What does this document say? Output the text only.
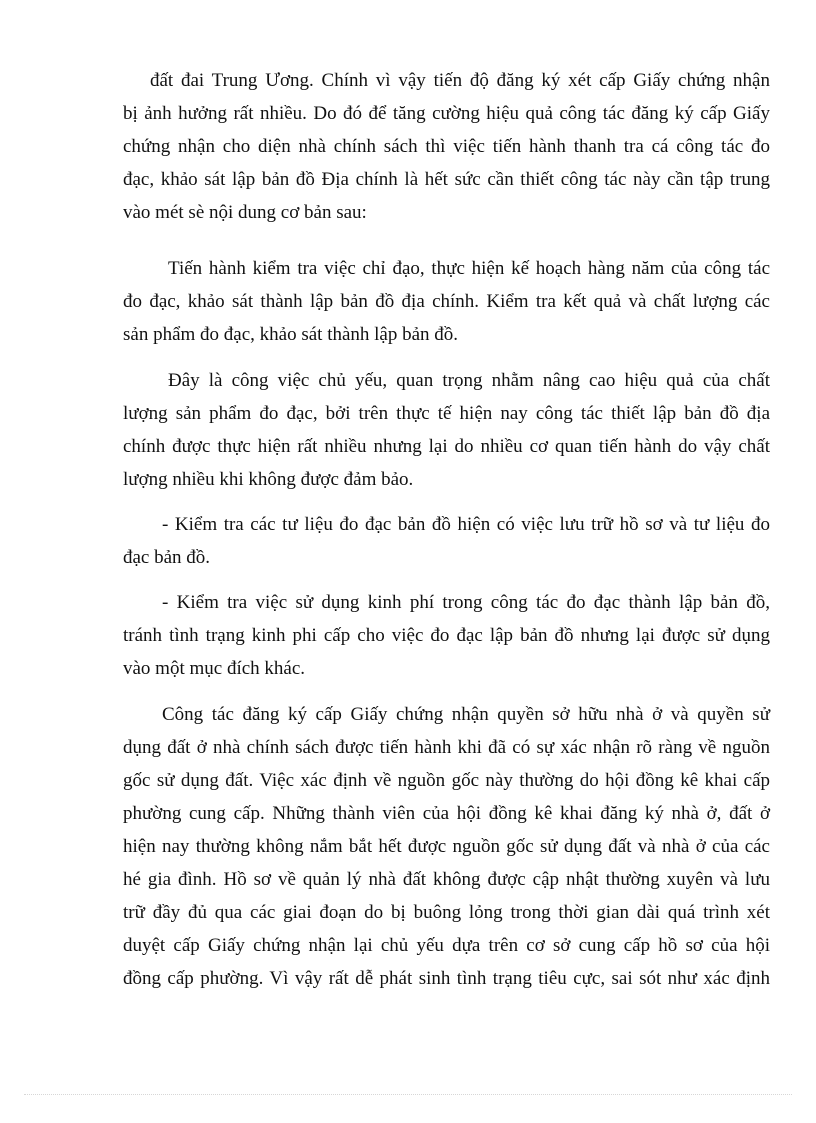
đất đai Trung Ương. Chính vì vậy tiến độ đăng ký xét cấp Giấy chứng nhận
bị ảnh hưởng rất nhiều. Do đó để tăng cường hiệu quả công tác đăng ký cấp Giấy
chứng nhận cho diện nhà chính sách thì việc tiến hành thanh tra cá công tác đo
đạc, khảo sát lập bản đồ Địa chính là hết sức cần thiết công tác này cần tập trung
vào mét sè nội dung cơ bản sau:
Tiến hành kiểm tra việc chỉ đạo, thực hiện kế hoạch hàng năm của công tác
đo đạc, khảo sát thành lập bản đồ địa chính. Kiểm tra kết quả và chất lượng các
sản phẩm đo đạc, khảo sát thành lập bản đồ.
Đây là công việc chủ yếu, quan trọng nhằm nâng cao hiệu quả của chất
lượng sản phẩm đo đạc, bởi trên thực tế hiện nay công tác thiết lập bản đồ địa
chính được thực hiện rất nhiều nhưng lại do nhiều cơ quan tiến hành do vậy chất
lượng nhiều khi không được đảm bảo.
- Kiểm tra các tư liệu đo đạc bản đồ hiện có việc lưu trữ hồ sơ và tư liệu đo
đạc bản đồ.
- Kiểm tra việc sử dụng kinh phí trong công tác đo đạc thành lập bản đồ,
tránh tình trạng kinh phi cấp cho việc đo đạc lập bản đồ nhưng lại được sử dụng
vào một mục đích khác.
Công tác đăng ký cấp Giấy chứng nhận quyền sở hữu nhà ở và quyền sử
dụng đất ở nhà chính sách được tiến hành khi đã có sự xác nhận rõ ràng về nguồn
gốc sử dụng đất. Việc xác định về nguồn gốc này thường do hội đồng kê khai cấp
phường cung cấp. Những thành viên của hội đồng kê khai đăng ký nhà ở, đất ở
hiện nay thường không nắm bắt hết được nguồn gốc sử dụng đất và nhà ở của các
hé gia đình. Hồ sơ về quản lý nhà đất không được cập nhật thường xuyên và lưu
trữ đầy đủ qua các giai đoạn do bị buông lỏng trong thời gian dài quá trình xét
duyệt cấp Giấy chứng nhận lại chủ yếu dựa trên cơ sở cung cấp hồ sơ của hội
đồng cấp phường. Vì vậy rất dễ phát sinh tình trạng tiêu cực, sai sót như xác định
